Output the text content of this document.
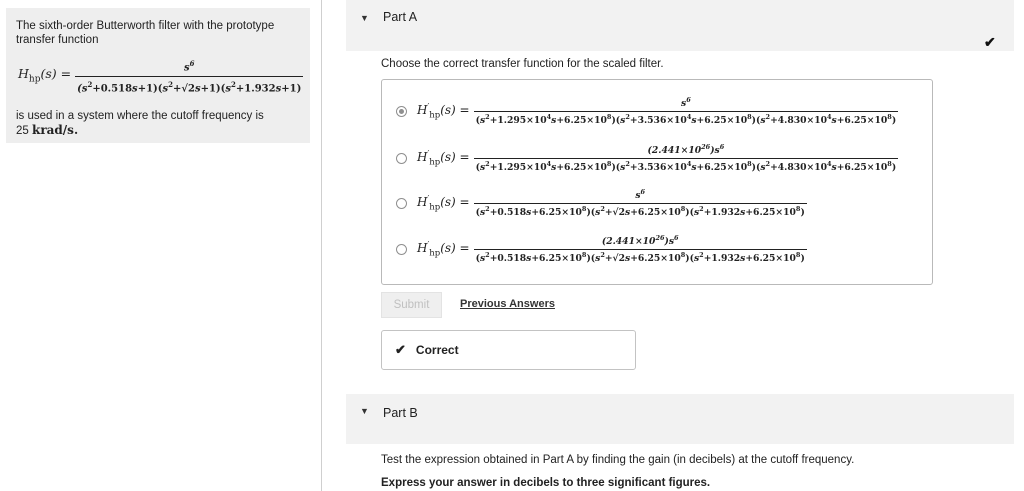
The sixth-order Butterworth filter with the prototype transfer function
$H_{hp}(s) = \frac{s^6}{(s^2+0.518s+1)(s^2+√2s+1)(s^2+1.932s+1)}$
is used in a system where the cutoff frequency is
25 krad/s.
▼ Part A
✔
Choose the correct transfer function for the scaled filter.
$H'_{hp}(s)$ =	$s^6$
$(s^2+1.295\times 10^4s+6.25\times 10^8)(s^2+3.536\times 10^4s+6.25\times 10^8)(s^2+4.830\times 10^4s+6.25\times 10^8)$
$H'_{hp}(s)$ =	$(2.441\times 10^{26})s^6$
$(s^2+1.295\times 10^4s+6.25\times 10^8)(s^2+3.536\times 10^4s+6.25\times 10^8)(s^2+4.830\times 10^4s+6.25\times 10^8)$
$H'_{hp}(s) = \frac{s^6}{(s^2+0.518s+6.25\times 10^8)(s^2+√2s+6.25\times 10^8)(s^2+1.932s+6.25\times 10^8)}$
$H'_{hp}(s) = \frac{(2.441\times 10^{26})s^6}{(s^2+0.518s+6.25\times 10^8)(s^2+√2s+6.25\times 10^8)(s^2+1.932s+6.25\times 10^8)}$
Submit	Previous Answers
✔ Correct
▼ Part B
Test the expression obtained in Part A by finding the gain (in decibels) at the cutoff frequency.
Express your answer in decibels to three significant figures.
